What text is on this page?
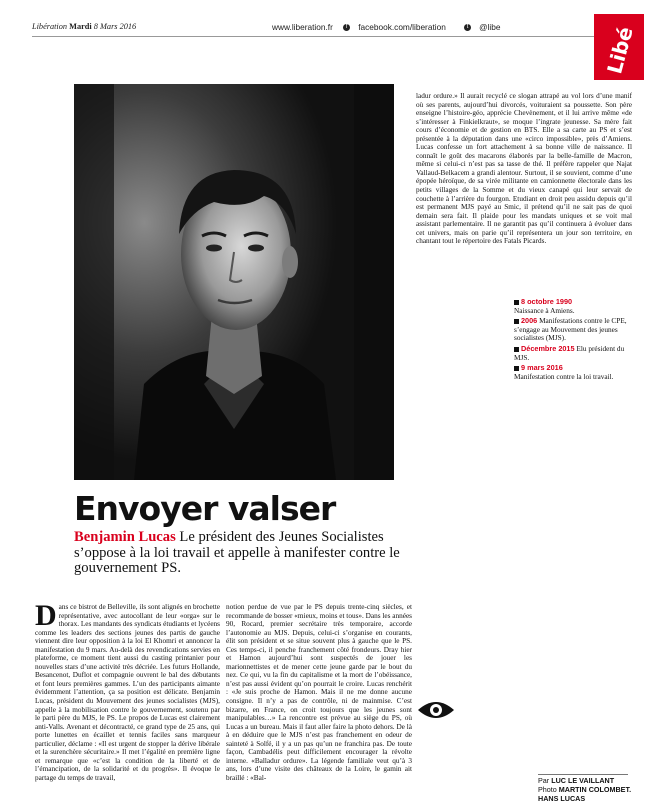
Libération Mardi 8 Mars 2016	www.liberation.fr f facebook.com/liberation	t @libe	Libé
Envoyer valser
Benjamin Lucas Le président des Jeunes Socialistes s’oppose à la loi travail et appelle à manifester contre le gouvernement PS.
D ans ce bistrot de Belleville, ils sont alignés en brochette représentative, avec autocollant de leur «orga» sur le thorax. Les mandants des syndicats étudiants et lycéens comme les leaders des sections jeunes des partis de gauche viennent dire leur opposition à la loi El Khomri et annoncer la manifestation du 9 mars. Au-delà des revendications servies en plateforme, ce moment tient aussi du casting printanier pour nouvelles stars d’une activité très décriée. Les futurs Hollande, Besancenot, Duflot et compagnie ouvrent le bal des débutants et font leurs premières gammes. L’un des participants aimante évidemment l’attention, ça sa position est délicate. Benjamin Lucas, président du Mouvement des jeunes socialistes (MJS), appelle à la mobilisation contre le gouvernement, soutenu par le parti père du MJS, le PS. Le propos de Lucas est clairement anti-Valls. Avenant et décontracté, ce grand type de 25 ans, qui porte lunettes en écaillet et tennis faciles sans marqueur particulier, déclame : «Il est urgent de stopper la dérive libérale et la surenchère sécuritaire.» Il met l’égalité en première ligne et remarque que «c’est la condition de la liberté et de l’émancipation, de la solidarité et du progrès». Il évoque le partage du temps de travail,
notion perdue de vue par le PS depuis trente-cinq siècles, et recommande de bosser «mieux, moins et tous». Dans les années 90, Rocard, premier secrétaire très temporaire, accorde l’autonomie au MJS. Depuis, celui-ci s’organise en courants, élit son président et se situe souvent plus à gauche que le PS. Ces temps-ci, il penche franchement côté frondeurs. Dray hier et Hamon aujourd’hui sont suspectés de jouer les marionnettistes et de mener cette jeune garde par le bout du nez. Ce qui, vu la fin du capitalisme et la mort de l’obéissance, n’est pas aussi évident qu’on pourrait le croire. Lucas renchérit : «Je suis proche de Hamon. Mais il ne me donne aucune consigne. Il n’y a pas de contrôle, ni de mainmise. C’est bizarre, en France, on croit toujours que les jeunes sont manipulables…» La rencontre est prévue au siège du PS, où Lucas a un bureau. Mais il faut aller faire la photo dehors. De là à en déduire que le MJS n’est pas franchement en odeur de sainteté à Solfé, il y a un pas qu’un ne franchira pas. De toute façon, Cambadélis peut difficilement encourager la révolte interne. «Balladur ordure». La légende familiale veut qu’à 3 ans, lors d’une visite des châteaux de la Loire, le gamin ait braillé : «Bal-
ladur ordure.» Il aurait recyclé ce slogan attrapé au vol lors d’une manif où ses parents, aujourd’hui divorcés, voituraient sa poussette. Son père enseigne l’histoire-géo, apprécie Chevènement, et il lui arrive même «de s’intéresser à Finkielkraut», se moque l’ingrate jeunesse. Sa mère fait cours d’économie et de gestion en BTS. Elle a sa carte au PS et s’est présentée à la députation dans une «circo impossible», près d’Amiens. Lucas confesse un fort attachement à sa bonne ville de naissance. Il connaît le goût des macarons élaborés par la belle-famille de Macron, même si celui-ci n’est pas sa tasse de thé. Il préfère rappeler que Najat Vallaud-Belkacem a grandi alentour. Surtout, il se souvient, comme d’une épopée héroïque, de sa virée militante en camionnette électorale dans les petits villages de la Somme et du vieux canapé qui leur servait de couchette à l’arrière du fourgon. Etudiant en droit peu assidu depuis qu’il est permanent MJS payé au Smic, il prétend qu’il ne sait pas de quoi demain sera fait. Il plaide pour les mandats uniques et se voit mal assistant parlementaire. Il ne garantit pas qu’il continuera à évoluer dans cet univers, mais on parie qu’il représentera un jour son territoire, en chantant tout le répertoire des Fatals Picards.
8 octobre 1990
Naissance à Amiens.
2006 Manifestations contre le CPE, s’engage au Mouvement des jeunes socialistes (MJS).
Décembre 2015 Elu président du MJS.
9 mars 2016
Manifestation contre la loi travail.
Par LUC LE VAILLANT
Photo MARTIN COLOMBET. HANS LUCAS
